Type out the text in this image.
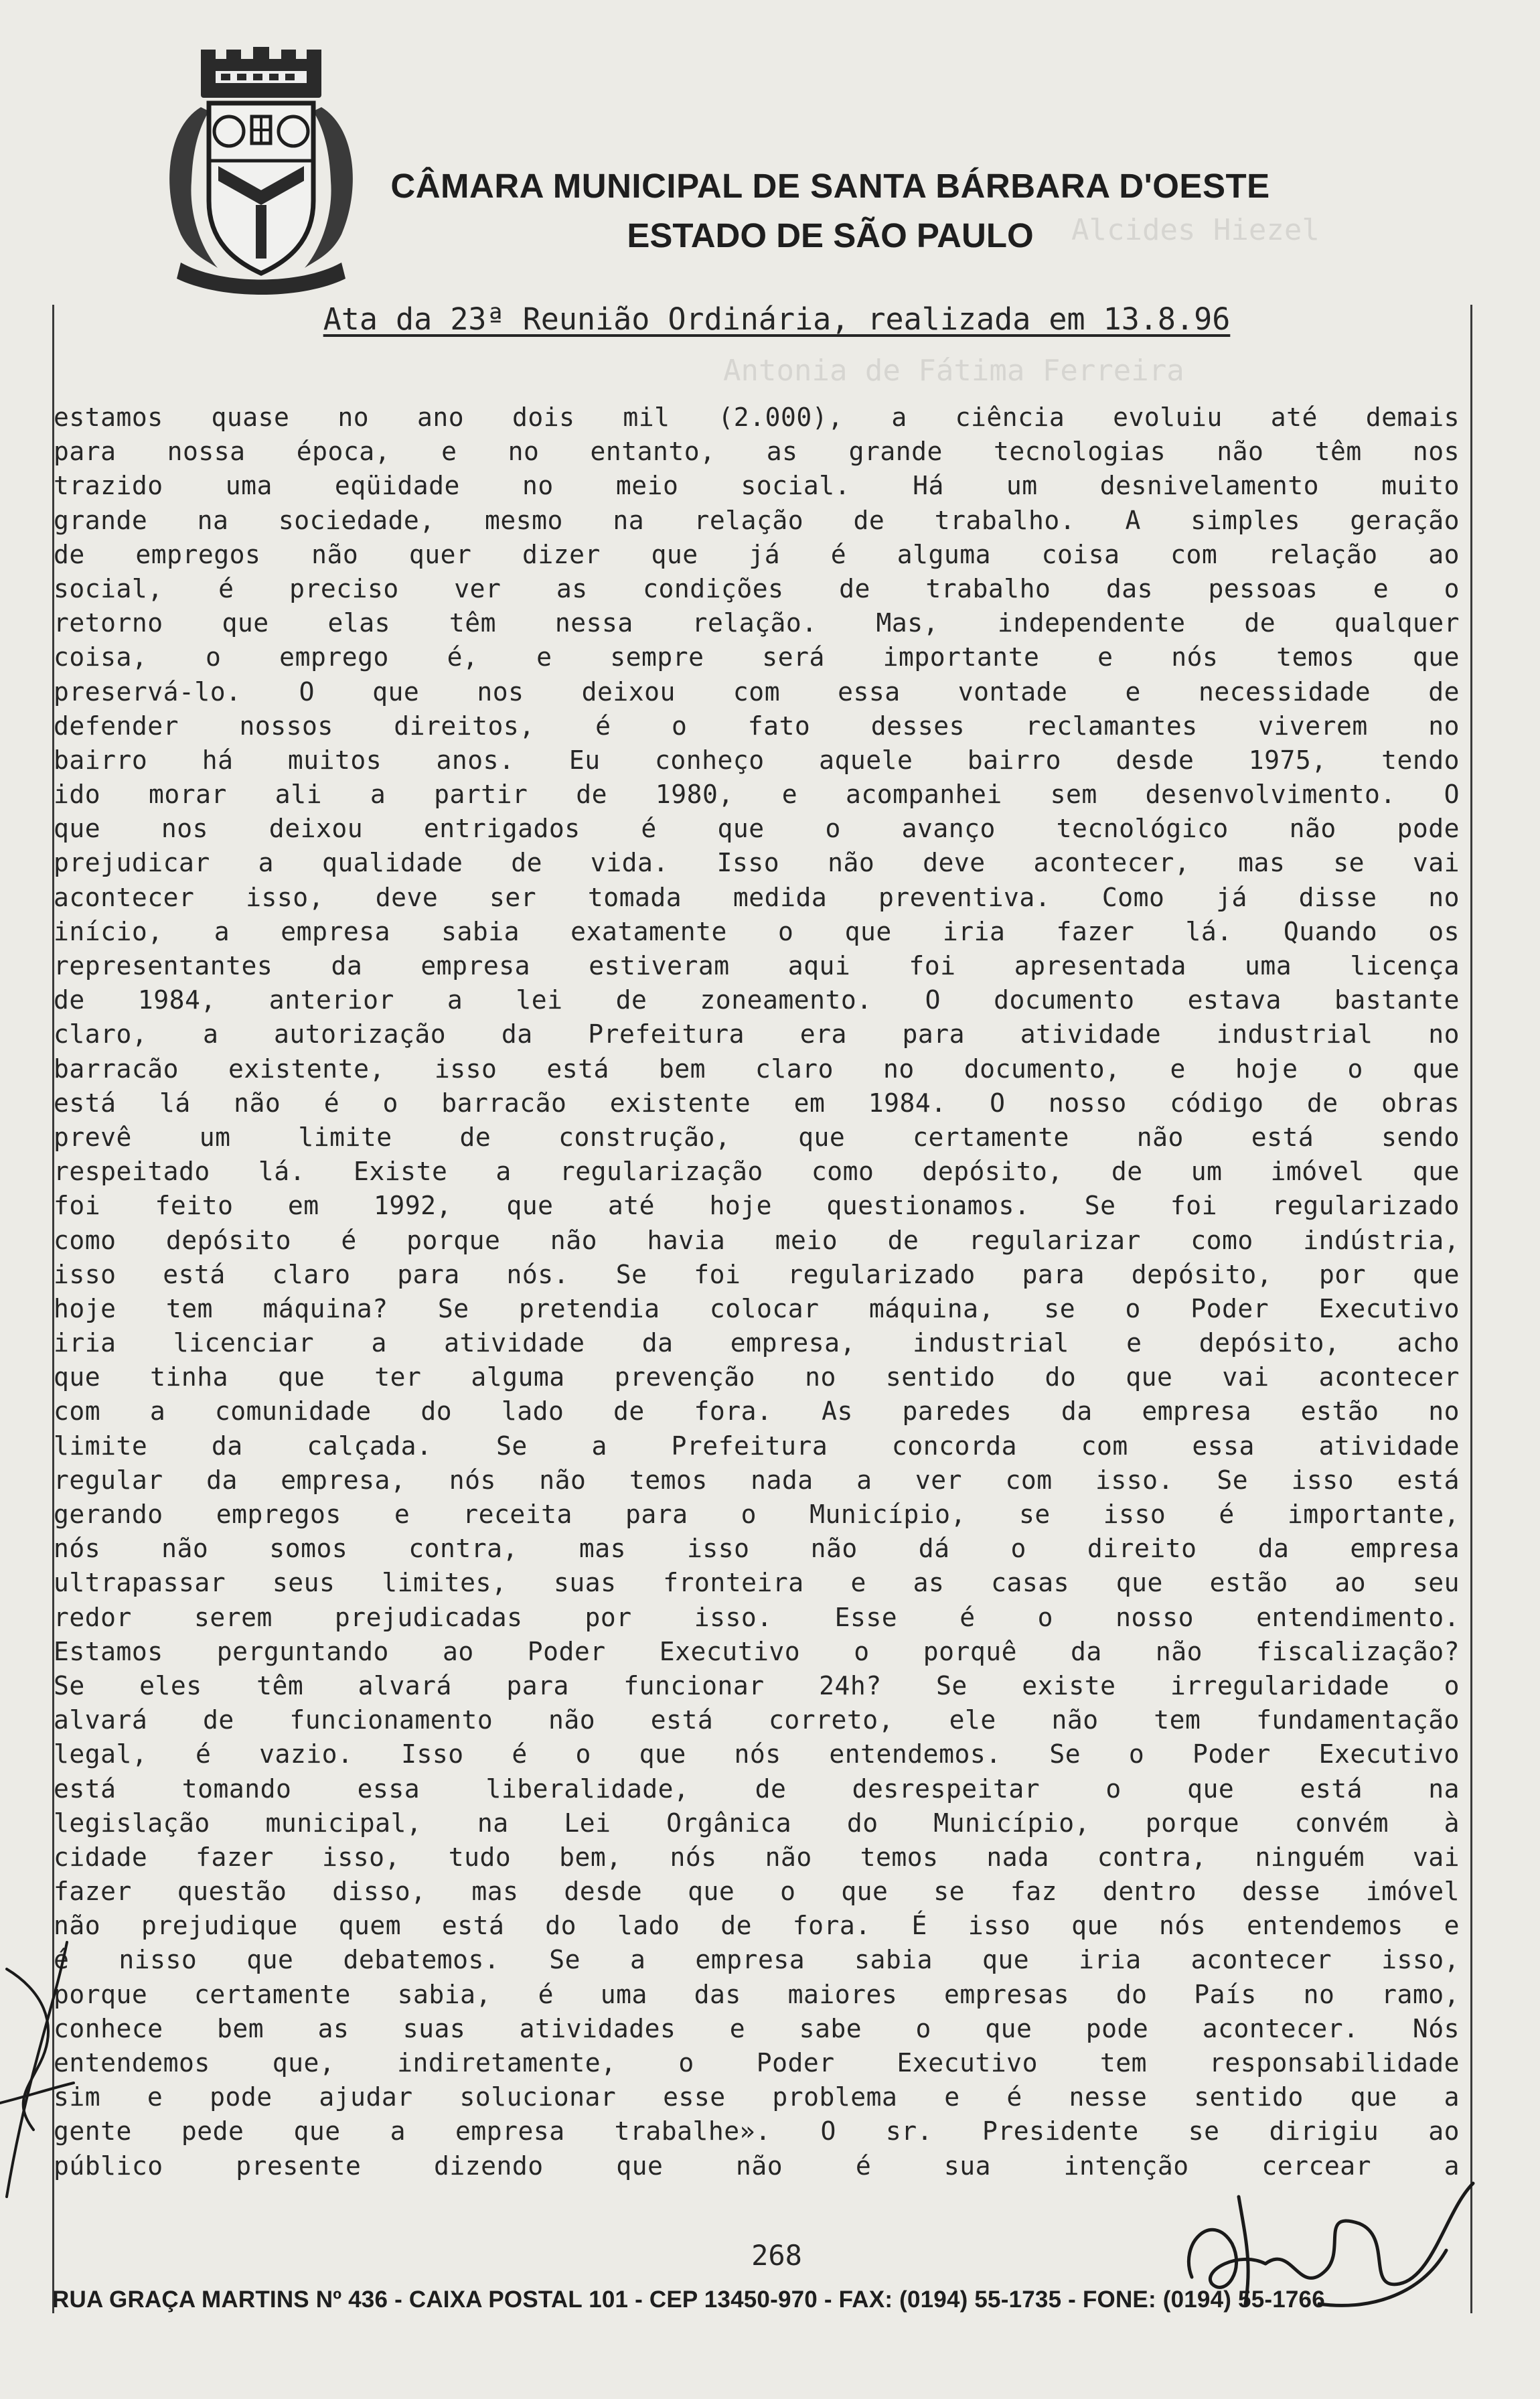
Alcides Hiezel
Antonia de Fátima Ferreira
CÂMARA MUNICIPAL DE SANTA BÁRBARA D'OESTE
ESTADO DE SÃO PAULO
Ata da 23ª Reunião Ordinária, realizada em 13.8.96
estamos quase no ano dois mil (2.000), a ciência evoluiu até demais
para nossa época, e no entanto, as grande tecnologias não têm nos
trazido uma eqüidade no meio social. Há um desnivelamento muito
grande na sociedade, mesmo na relação de trabalho. A simples geração
de empregos não quer dizer que já é alguma coisa com relação ao
social, é preciso ver as condições de trabalho das pessoas e o
retorno que elas têm nessa relação. Mas, independente de qualquer
coisa, o emprego é, e sempre será importante e nós temos que
preservá-lo. O que nos deixou com essa vontade e necessidade de
defender nossos direitos, é o fato desses reclamantes viverem no
bairro há muitos anos. Eu conheço aquele bairro desde 1975, tendo
ido morar ali a partir de 1980, e acompanhei sem desenvolvimento. O
que nos deixou entrigados é que o avanço tecnológico não pode
prejudicar a qualidade de vida. Isso não deve acontecer, mas se vai
acontecer isso, deve ser tomada medida preventiva. Como já disse no
início, a empresa sabia exatamente o que iria fazer lá. Quando os
representantes da empresa estiveram aqui foi apresentada uma licença
de 1984, anterior a lei de zoneamento. O documento estava bastante
claro, a autorização da Prefeitura era para atividade industrial no
barracão existente, isso está bem claro no documento, e hoje o que
está lá não é o barracão existente em 1984. O nosso código de obras
prevê um limite de construção, que certamente não está sendo
respeitado lá. Existe a regularização como depósito, de um imóvel que
foi feito em 1992, que até hoje questionamos. Se foi regularizado
como depósito é porque não havia meio de regularizar como indústria,
isso está claro para nós. Se foi regularizado para depósito, por que
hoje tem máquina? Se pretendia colocar máquina, se o Poder Executivo
iria licenciar a atividade da empresa, industrial e depósito, acho
que tinha que ter alguma prevenção no sentido do que vai acontecer
com a comunidade do lado de fora. As paredes da empresa estão no
limite da calçada. Se a Prefeitura concorda com essa atividade
regular da empresa, nós não temos nada a ver com isso. Se isso está
gerando empregos e receita para o Município, se isso é importante,
nós não somos contra, mas isso não dá o direito da empresa
ultrapassar seus limites, suas fronteira e as casas que estão ao seu
redor serem prejudicadas por isso. Esse é o nosso entendimento.
Estamos perguntando ao Poder Executivo o porquê da não fiscalização?
Se eles têm alvará para funcionar 24h? Se existe irregularidade o
alvará de funcionamento não está correto, ele não tem fundamentação
legal, é vazio. Isso é o que nós entendemos. Se o Poder Executivo
está tomando essa liberalidade, de desrespeitar o que está na
legislação municipal, na Lei Orgânica do Município, porque convém à
cidade fazer isso, tudo bem, nós não temos nada contra, ninguém vai
fazer questão disso, mas desde que o que se faz dentro desse imóvel
não prejudique quem está do lado de fora. É isso que nós entendemos e
é nisso que debatemos. Se a empresa sabia que iria acontecer isso,
porque certamente sabia, é uma das maiores empresas do País no ramo,
conhece bem as suas atividades e sabe o que pode acontecer. Nós
entendemos que, indiretamente, o Poder Executivo tem responsabilidade
sim e pode ajudar solucionar esse problema e é nesse sentido que a
gente pede que a empresa trabalhe». O sr. Presidente se dirigiu ao
público presente dizendo que não é sua intenção cercear a
268
RUA GRAÇA MARTINS Nº 436 - CAIXA POSTAL 101 - CEP 13450-970 - FAX: (0194) 55-1735 - FONE: (0194) 55-1766
